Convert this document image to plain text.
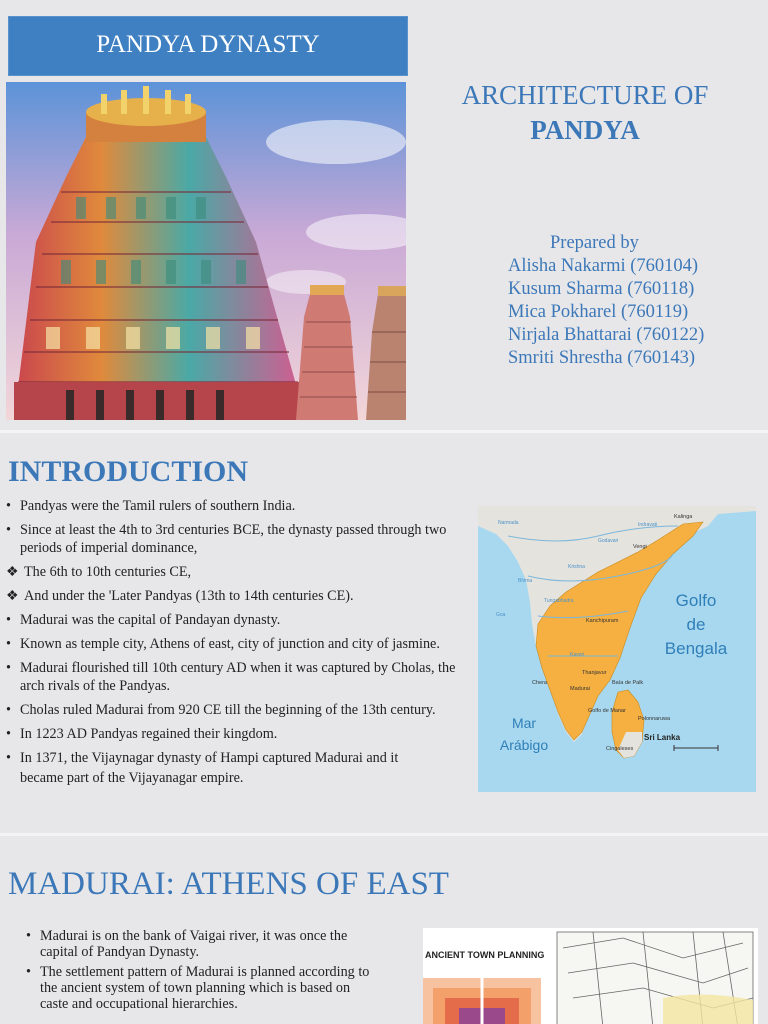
PANDYA DYNASTY
ARCHITECTURE OF
PANDYA
Prepared by
Alisha Nakarmi (760104)
Kusum Sharma (760118)
Mica Pokharel (760119)
Nirjala Bhattarai (760122)
Smriti Shrestha (760143)
INTRODUCTION
• Pandyas were the Tamil rulers of southern India.
• Since at least the 4th to 3rd centuries BCE, the dynasty passed through two periods of imperial dominance,
❖ The 6th to 10th centuries CE,
❖ And under the 'Later Pandyas (13th to 14th centuries CE).
• Madurai was the capital of Pandayan dynasty.
• Known as temple city, Athens of east, city of junction and city of jasmine.
• Madurai flourished till 10th century AD when it was captured by Cholas, the arch rivals of the Pandyas.
• Cholas ruled Madurai from 920 CE till the beginning of the 13th century.
• In 1223 AD Pandyas regained their kingdom.
• In 1371, the Vijaynagar dynasty of Hampi captured Madurai and it
became part of the Vijayanagar empire.
Kalinga
Vengi
Kanchipuram
Thanjavur
Madurai
Chera
Golfo de Manar
Polonnaruwa
Cingaleses
Baía de Palk
Bhima
Krishna
Tungabhadra
Kaveri
Godavari
Narmada	Indravati
Goa
Golfo
de
Bengala
Mar
Arábigo	Sri Lanka
MADURAI: ATHENS OF EAST
• Madurai is on the bank of Vaigai river, it was once the capital of Pandyan Dynasty.
• The settlement pattern of Madurai is planned according to the ancient system of town planning which is based on caste and occupational hierarchies.
ANCIENT TOWN PLANNING
